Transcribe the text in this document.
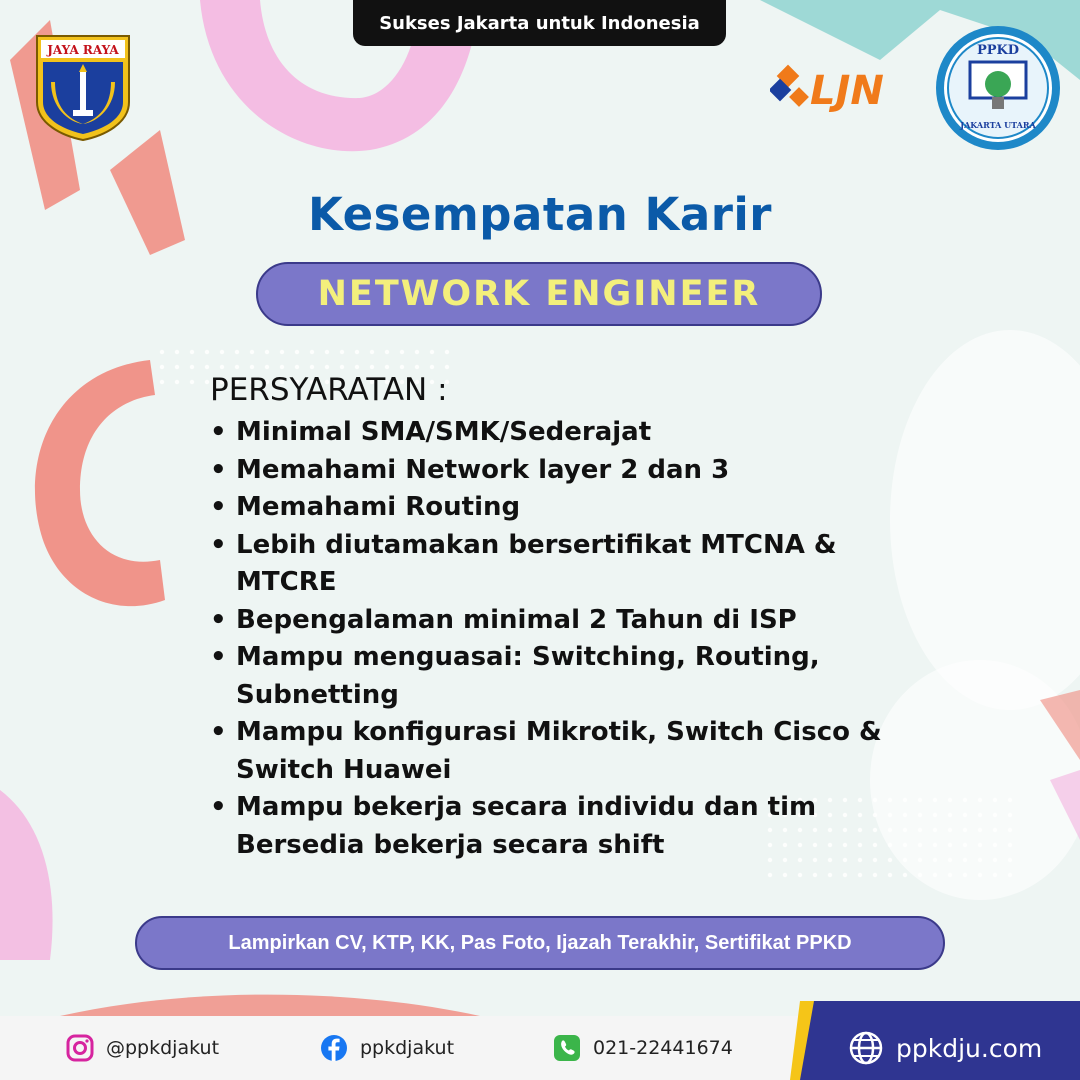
Sukses Jakarta untuk Indonesia
JAYA RAYA
LJN
PPKD
JAKARTA UTARA
Kesempatan Karir
NETWORK ENGINEER
PERSYARATAN :
• Minimal SMA/SMK/Sederajat
• Memahami Network layer 2 dan 3
• Memahami Routing
• Lebih diutamakan bersertifikat MTCNA & MTCRE
• Bepengalaman minimal 2 Tahun di ISP
• Mampu menguasai: Switching, Routing, Subnetting
• Mampu konfigurasi Mikrotik, Switch Cisco & Switch Huawei
• Mampu bekerja secara individu dan tim
Bersedia bekerja secara shift
Lampirkan CV, KTP, KK, Pas Foto, Ijazah Terakhir, Sertifikat PPKD
@ppkdjakut	ppkdjakut	021-22441674	ppkdju.com
